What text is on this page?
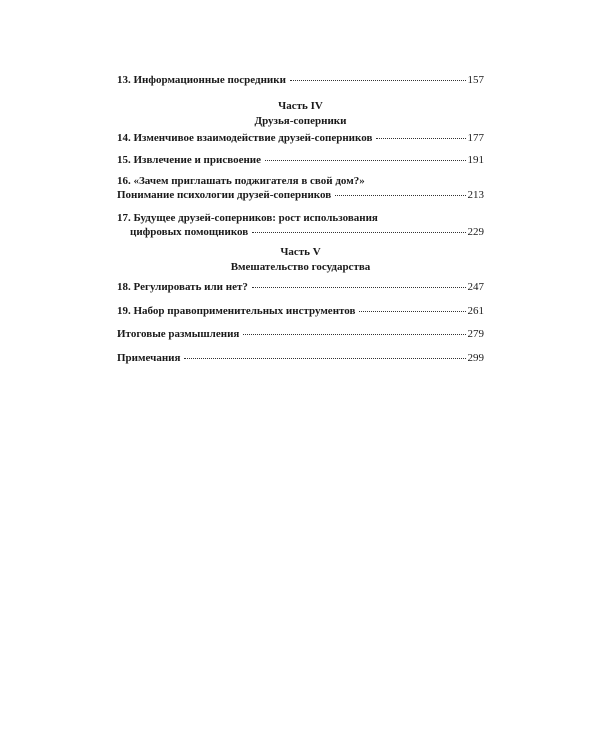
13. Информационные посредники	157
Часть IV
Друзья-соперники
14. Изменчивое взаимодействие друзей-соперников	177
15. Извлечение и присвоение	191
16. «Зачем приглашать поджигателя в свой дом?»
Понимание психологии друзей-соперников	213
17. Будущее друзей-соперников: рост использования
цифровых помощников	229
Часть V
Вмешательство государства
18. Регулировать или нет?	247
19. Набор правоприменительных инструментов	261
Итоговые размышления	279
Примечания	299
